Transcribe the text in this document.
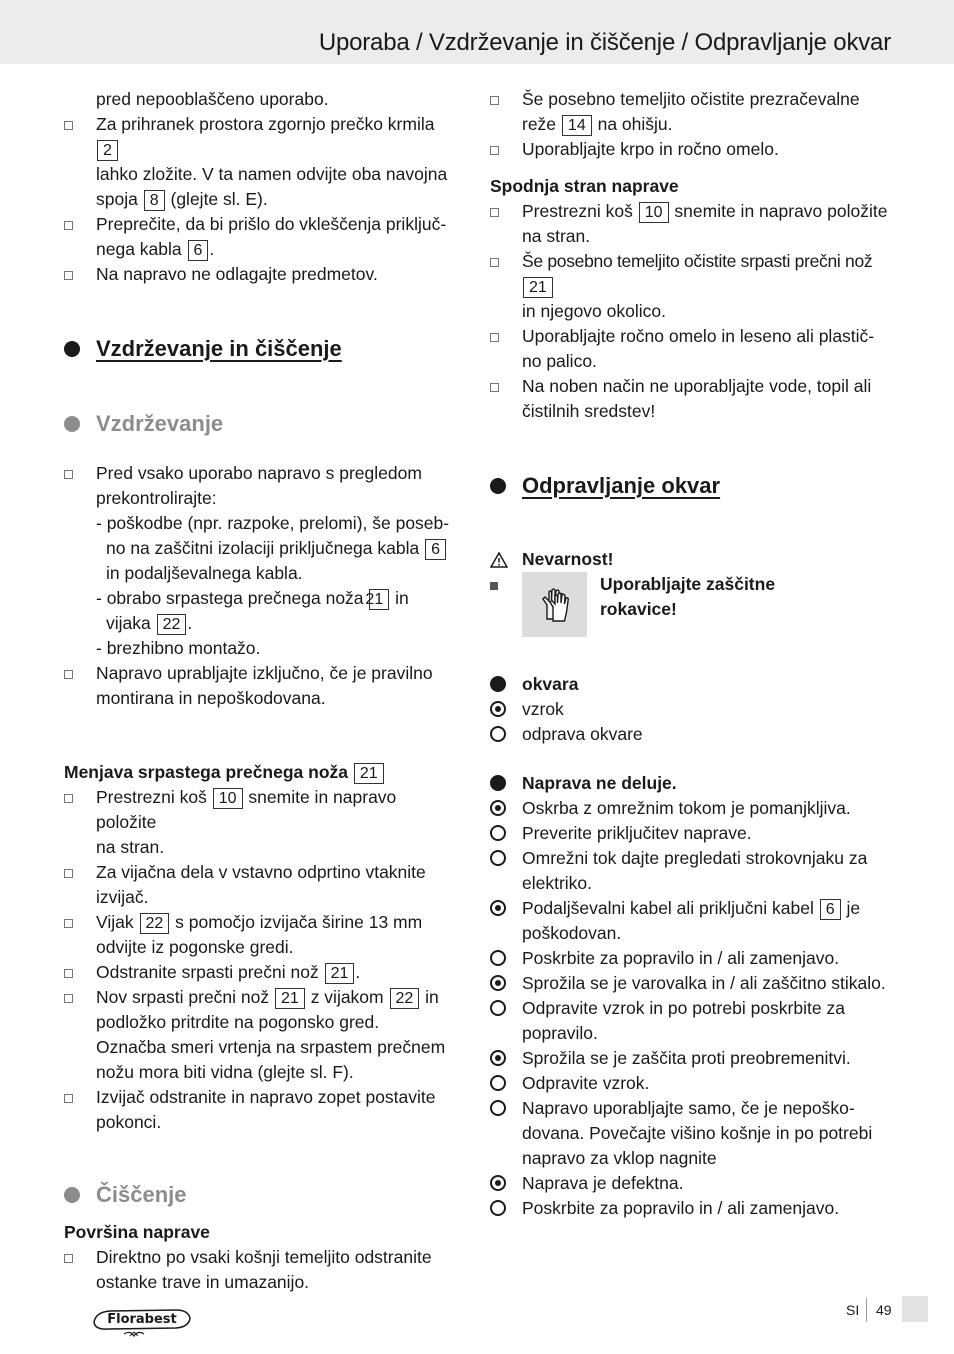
Uporaba / Vzdrževanje in čiščenje / Odpravljanje okvar
pred nepooblaščeno uporabo.
Za prihranek prostora zgornjo prečko krmila 2
lahko zložite. V ta namen odvijte oba navojna
spoja 8 (glejte sl. E).
Preprečite, da bi prišlo do vkleščenja priključ-
nega kabla 6 .
Na napravo ne odlagajte predmetov.
Vzdrževanje in čiščenje
Vzdrževanje
Pred vsako uporabo napravo s pregledom
prekontrolirajte:
- poškodbe (npr. razpoke, prelomi), še poseb-
no na zaščitni izolaciji priključnega kabla 6
in podaljševalnega kabla.
- obrabo srpastega prečnega noža 21 in
vijaka 22 .
- brezhibno montažo.
Napravo uprabljajte izključno, če je pravilno
montirana in nepoškodovana.
Menjava srpastega prečnega noža 21
Prestrezni koš 10 snemite in napravo položite
na stran.
Za vijačna dela v vstavno odprtino vtaknite
izvijač.
Vijak 22 s pomočjo izvijača širine 13 mm
odvijte iz pogonske gredi.
Odstranite srpasti prečni nož 21 .
Nov srpasti prečni nož 21 z vijakom 22 in
podložko pritrdite na pogonsko gred.
Označba smeri vrtenja na srpastem prečnem
nožu mora biti vidna (glejte sl. F).
Izvijač odstranite in napravo zopet postavite
pokonci.
Čiščenje
Površina naprave
Direktno po vsaki košnji temeljito odstranite
ostanke trave in umazanijo.
Še posebno temeljito očistite prezračevalne
reže 14 na ohišju.
Uporabljajte krpo in ročno omelo.
Spodnja stran naprave
Prestrezni koš 10 snemite in napravo položite
na stran.
Še posebno temeljito očistite srpasti prečni nož 21
in njegovo okolico.
Uporabljajte ročno omelo in leseno ali plastič-
no palico.
Na noben način ne uporabljajte vode, topil ali
čistilnih sredstev!
Odpravljanje okvar
Nevarnost!
Uporabljajte zaščitne
rokavice!
okvara
vzrok
odprava okvare
Naprava ne deluje.
Oskrba z omrežnim tokom je pomanjkljiva.
Preverite priključitev naprave.
Omrežni tok dajte pregledati strokovnjaku za
elektriko.
Podaljševalni kabel ali priključni kabel 6 je
poškodovan.
Poskrbite za popravilo in / ali zamenjavo.
Sprožila se je varovalka in / ali zaščitno stikalo.
Odpravite vzrok in po potrebi poskrbite za
popravilo.
Sprožila se je zaščita proti preobremenitvi.
Odpravite vzrok.
Napravo uporabljajte samo, če je nepoško-
dovana. Povečajte višino košnje in po potrebi
napravo za vklop nagnite
Naprava je defektna.
Poskrbite za popravilo in / ali zamenjavo.
Florabest
SI 49
